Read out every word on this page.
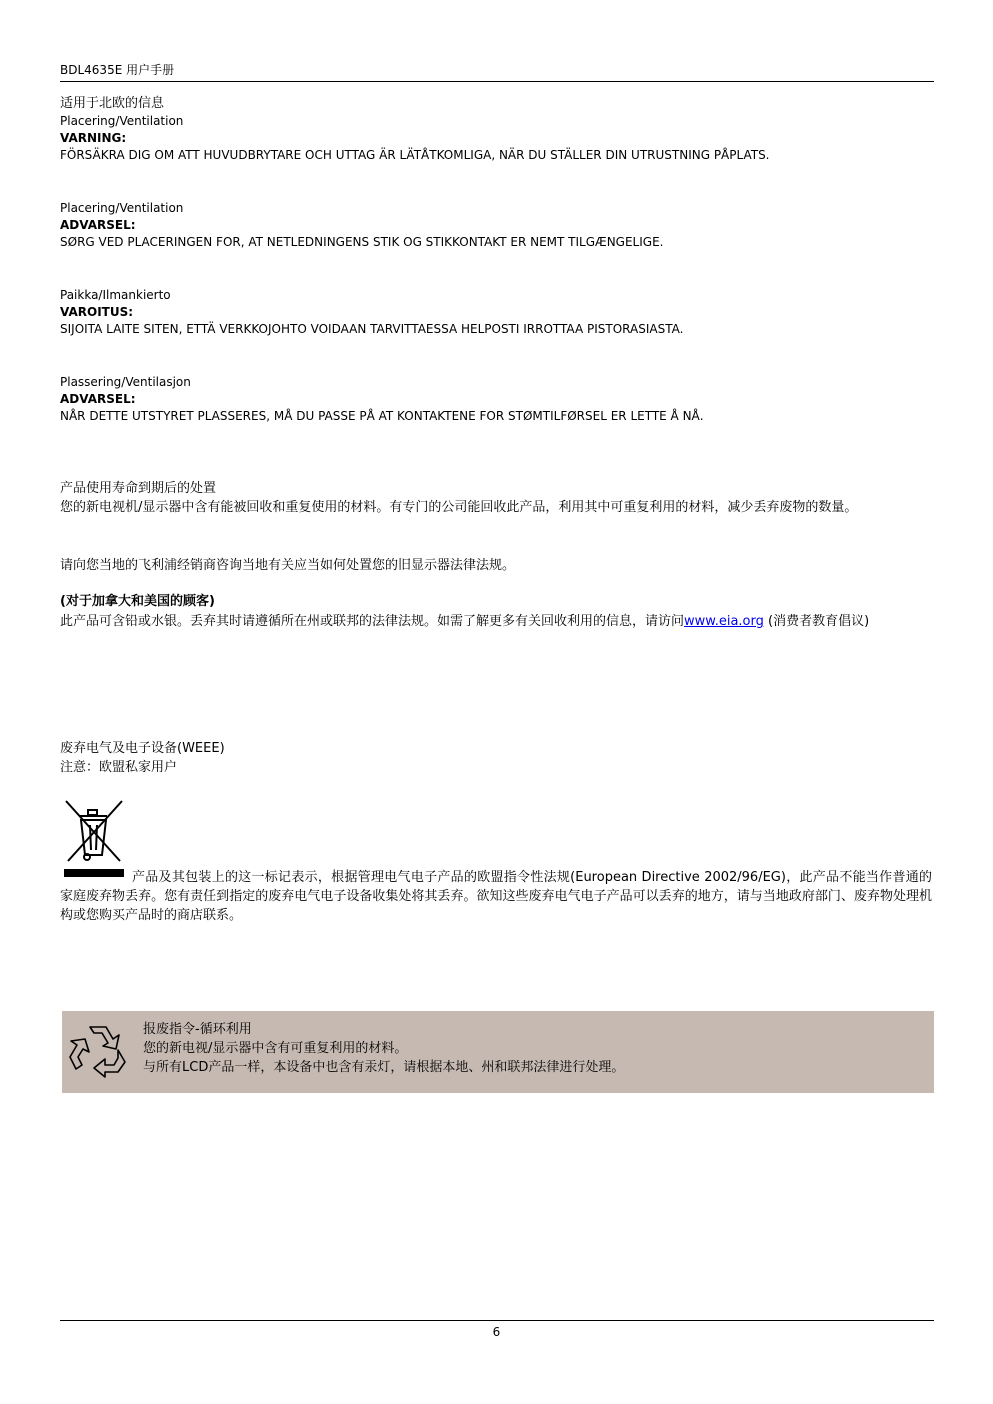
BDL4635E 用户手册

适用于北欧的信息

Placering/Ventilation

VARNING:

FÖRSÄKRA DIG OM ATT HUVUDBRYTARE OCH UTTAG ÄR LÄTÅTKOMLIGA, NÄR DU STÄLLER DIN UTRUSTNING PÅPLATS.

Placering/Ventilation

ADVARSEL:

SØRG VED PLACERINGEN FOR, AT NETLEDNINGENS STIK OG STIKKONTAKT ER NEMT TILGÆNGELIGE.

Paikka/Ilmankierto

VAROITUS:

SIJOITA LAITE SITEN, ETTÄ VERKKOJOHTO VOIDAAN TARVITTAESSA HELPOSTI IRROTTAA PISTORASIASTA.

Plassering/Ventilasjon

ADVARSEL:

NÅR DETTE UTSTYRET PLASSERES, MÅ DU PASSE PÅ AT KONTAKTENE FOR STØMTILFØRSEL ER LETTE Å NÅ.

产品使用寿命到期后的处置
您的新电视机/显示器中含有能被回收和重复使用的材料。有专门的公司能回收此产品，利用其中可重复利用的材料，减少丢弃废物的数量。
请向您当地的飞利浦经销商咨询当地有关应当如何处置您的旧显示器法律法规。
(对于加拿大和美国的顾客)
此产品可含铅或水银。丢弃其时请遵循所在州或联邦的法律法规。如需了解更多有关回收利用的信息，请访问www.eia.org (消费者教育倡议)
废弃电气及电子设备(WEEE)
注意：欧盟私家用户
产品及其包装上的这一标记表示，根据管理电气电子产品的欧盟指令性法规(European Directive 2002/96/EG)，此产品不能当作普通的家庭废弃物丢弃。您有责任到指定的废弃电气电子设备收集处将其丢弃。欲知这些废弃电气电子产品可以丢弃的地方，请与当地政府部门、废弃物处理机构或您购买产品时的商店联系。
报废指令-循环利用
您的新电视/显示器中含有可重复利用的材料。
与所有LCD产品一样，本设备中也含有汞灯，请根据本地、州和联邦法律进行处理。
6
